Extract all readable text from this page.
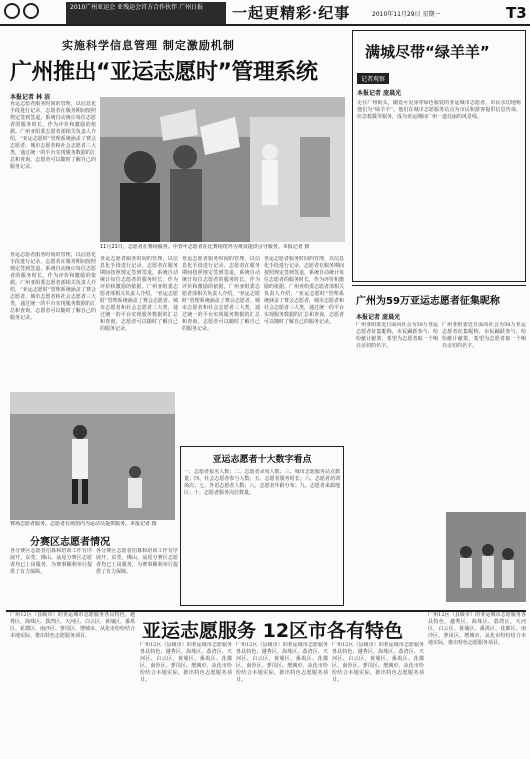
2010广州亚运会 亚残运会官方合作伙伴 广州日报	一起更精彩·纪事	2010年11月29日 星期一	T3
实施科学信息管理 制定激励机制
广州推出“亚运志愿时”管理系统
本报记者 林 洁
亚运志愿者服务时间的管理，以信息化手段进行记录，志愿者在服务期间按照规定签到签退，系统自动统计每位志愿者的服务时长，作为评价和激励的依据。广州亚组委志愿者部相关负责人介绍，“亚运志愿时”管理系统涵盖了赛会志愿者、城市志愿者和社会志愿者三大类，通过统一的平台实现服务数据的汇总和查询，志愿者可以随时了解自己的服务记录。
11月21日，志愿者在赛场服务。中青年志愿者在比赛场馆外为观众提供引导服务。本报记者 摄
亚运志愿者服务时间的管理，以信息化手段进行记录，志愿者在服务期间按照规定签到签退，系统自动统计每位志愿者的服务时长，作为评价和激励的依据。广州亚组委志愿者部相关负责人介绍，“亚运志愿时”管理系统涵盖了赛会志愿者、城市志愿者和社会志愿者三大类，通过统一的平台实现服务数据的汇总和查询，志愿者可以随时了解自己的服务记录。
亚运志愿者服务时间的管理，以信息化手段进行记录，志愿者在服务期间按照规定签到签退，系统自动统计每位志愿者的服务时长，作为评价和激励的依据。广州亚组委志愿者部相关负责人介绍，“亚运志愿时”管理系统涵盖了赛会志愿者、城市志愿者和社会志愿者三大类，通过统一的平台实现服务数据的汇总和查询，志愿者可以随时了解自己的服务记录。
亚运志愿者服务时间的管理，以信息化手段进行记录，志愿者在服务期间按照规定签到签退，系统自动统计每位志愿者的服务时长，作为评价和激励的依据。广州亚组委志愿者部相关负责人介绍，“亚运志愿时”管理系统涵盖了赛会志愿者、城市志愿者和社会志愿者三大类，通过统一的平台实现服务数据的汇总和查询，志愿者可以随时了解自己的服务记录。
亚运志愿者服务时间的管理，以信息化手段进行记录，志愿者在服务期间按照规定签到签退，系统自动统计每位志愿者的服务时长，作为评价和激励的依据。广州亚组委志愿者部相关负责人介绍，“亚运志愿时”管理系统涵盖了赛会志愿者、城市志愿者和社会志愿者三大类，通过统一的平台实现服务数据的汇总和查询，志愿者可以随时了解自己的服务记录。
赛场志愿者服务。志愿者在场馆内为运动员提供服务。本报记者 摄
分赛区志愿者情况
各分赛区志愿者招募和培训工作有序展开，东莞、佛山、汕尾分赛区志愿者均已上岗服务，为赛事顺利举行提供了有力保障。
各分赛区志愿者招募和培训工作有序展开，东莞、佛山、汕尾分赛区志愿者均已上岗服务，为赛事顺利举行提供了有力保障。
亚运志愿者十大数字看点
一、志愿者报名人数；二、志愿者录用人数；三、城市志愿服务站点数量；四、社会志愿者参与人数；五、志愿者服务时长；六、志愿者培训场次；七、外语志愿者人数；八、志愿者年龄分布；九、志愿者来源地区；十、志愿者服务岗位数量。
满城尽带“绿羊羊”
记者观察
本报记者 庞晨光
走在广州街头，随处可见身穿绿色服装的亚运城市志愿者，市民亲切地称他们为“绿羊羊”。他们在城市志愿服务站点为市民和游客提供信息咨询、应急救援等服务，成为亚运期间广州一道亮丽的风景线。
广州为59万亚运志愿者征集昵称
本报记者 庞晨光
广州亚组委近日面向社会为59万亚运志愿者征集昵称，市民踊跃参与，纷纷献计献策，希望为志愿者取一个响亮亲切的名字。
广州亚组委近日面向社会为59万亚运志愿者征集昵称，市民踊跃参与，纷纷献计献策，希望为志愿者取一个响亮亲切的名字。
亚运志愿服务 12区市各有特色
广州12区（县级市）的亚运城市志愿服务各具特色，越秀区、海珠区、荔湾区、天河区、白云区、黄埔区、番禺区、花都区、南沙区、萝岗区、增城市、从化市纷纷结合本地实际，推出特色志愿服务项目。
广州12区（县级市）的亚运城市志愿服务各具特色，越秀区、海珠区、荔湾区、天河区、白云区、黄埔区、番禺区、花都区、南沙区、萝岗区、增城市、从化市纷纷结合本地实际，推出特色志愿服务项目。
广州12区（县级市）的亚运城市志愿服务各具特色，越秀区、海珠区、荔湾区、天河区、白云区、黄埔区、番禺区、花都区、南沙区、萝岗区、增城市、从化市纷纷结合本地实际，推出特色志愿服务项目。
广州12区（县级市）的亚运城市志愿服务各具特色，越秀区、海珠区、荔湾区、天河区、白云区、黄埔区、番禺区、花都区、南沙区、萝岗区、增城市、从化市纷纷结合本地实际，推出特色志愿服务项目。
广州12区（县级市）的亚运城市志愿服务各具特色，越秀区、海珠区、荔湾区、天河区、白云区、黄埔区、番禺区、花都区、南沙区、萝岗区、增城市、从化市纷纷结合本地实际，推出特色志愿服务项目。
